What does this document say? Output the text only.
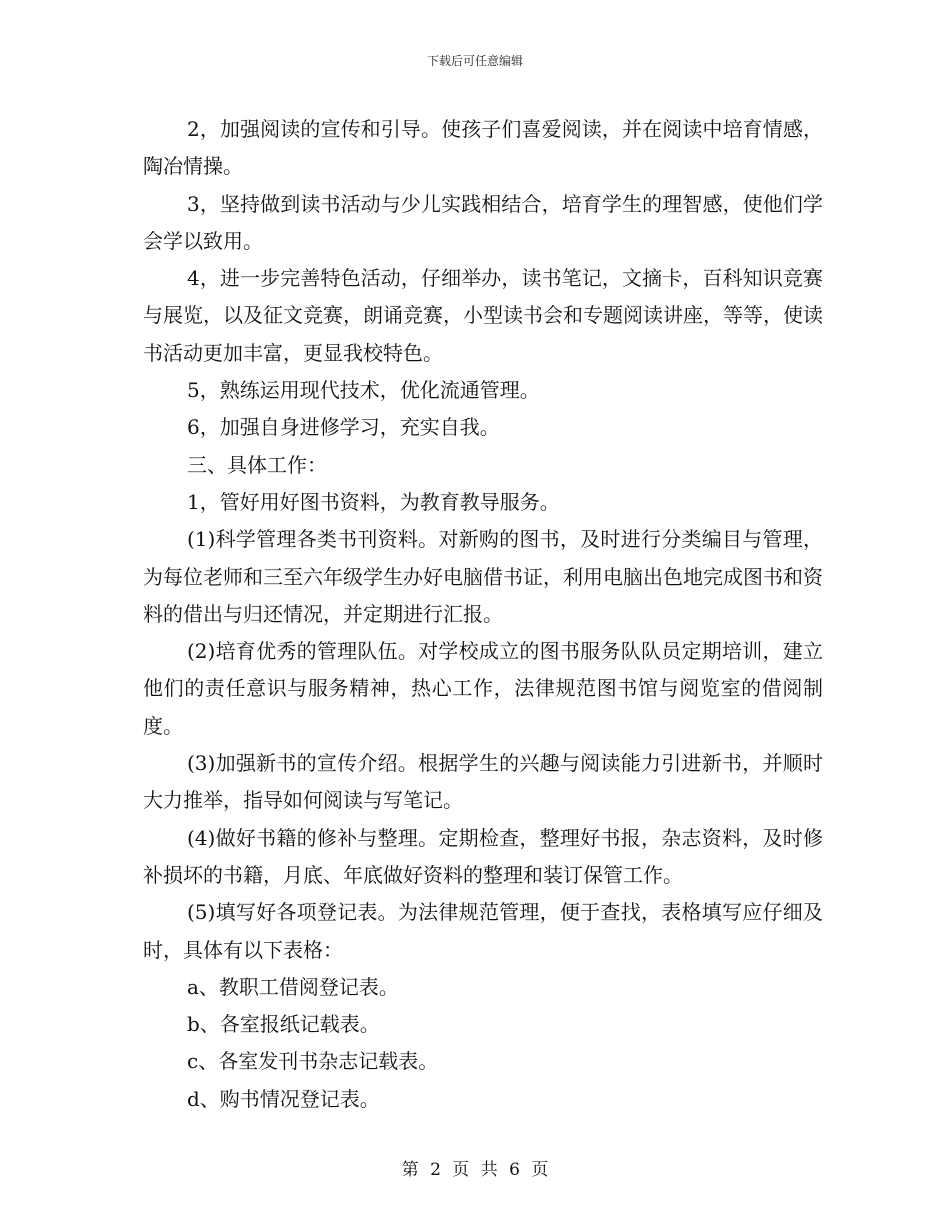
下载后可任意编辑

2，加强阅读的宣传和引导。使孩子们喜爱阅读，并在阅读中培育情感，陶冶情操。

3，坚持做到读书活动与少儿实践相结合，培育学生的理智感，使他们学会学以致用。

4，进一步完善特色活动，仔细举办，读书笔记，文摘卡，百科知识竞赛与展览，以及征文竞赛，朗诵竞赛，小型读书会和专题阅读讲座，等等，使读书活动更加丰富，更显我校特色。

5，熟练运用现代技术，优化流通管理。

6，加强自身进修学习，充实自我。

三、具体工作：

1，管好用好图书资料，为教育教导服务。

(1)科学管理各类书刊资料。对新购的图书，及时进行分类编目与管理，为每位老师和三至六年级学生办好电脑借书证，利用电脑出色地完成图书和资料的借出与归还情况，并定期进行汇报。

(2)培育优秀的管理队伍。对学校成立的图书服务队队员定期培训，建立他们的责任意识与服务精神，热心工作，法律规范图书馆与阅览室的借阅制度。

(3)加强新书的宣传介绍。根据学生的兴趣与阅读能力引进新书，并顺时大力推举，指导如何阅读与写笔记。

(4)做好书籍的修补与整理。定期检查，整理好书报，杂志资料，及时修补损坏的书籍，月底、年底做好资料的整理和装订保管工作。

(5)填写好各项登记表。为法律规范管理，便于查找，表格填写应仔细及时，具体有以下表格：

a、教职工借阅登记表。

b、各室报纸记载表。

c、各室发刊书杂志记载表。

d、购书情况登记表。

第 2 页 共 6 页
